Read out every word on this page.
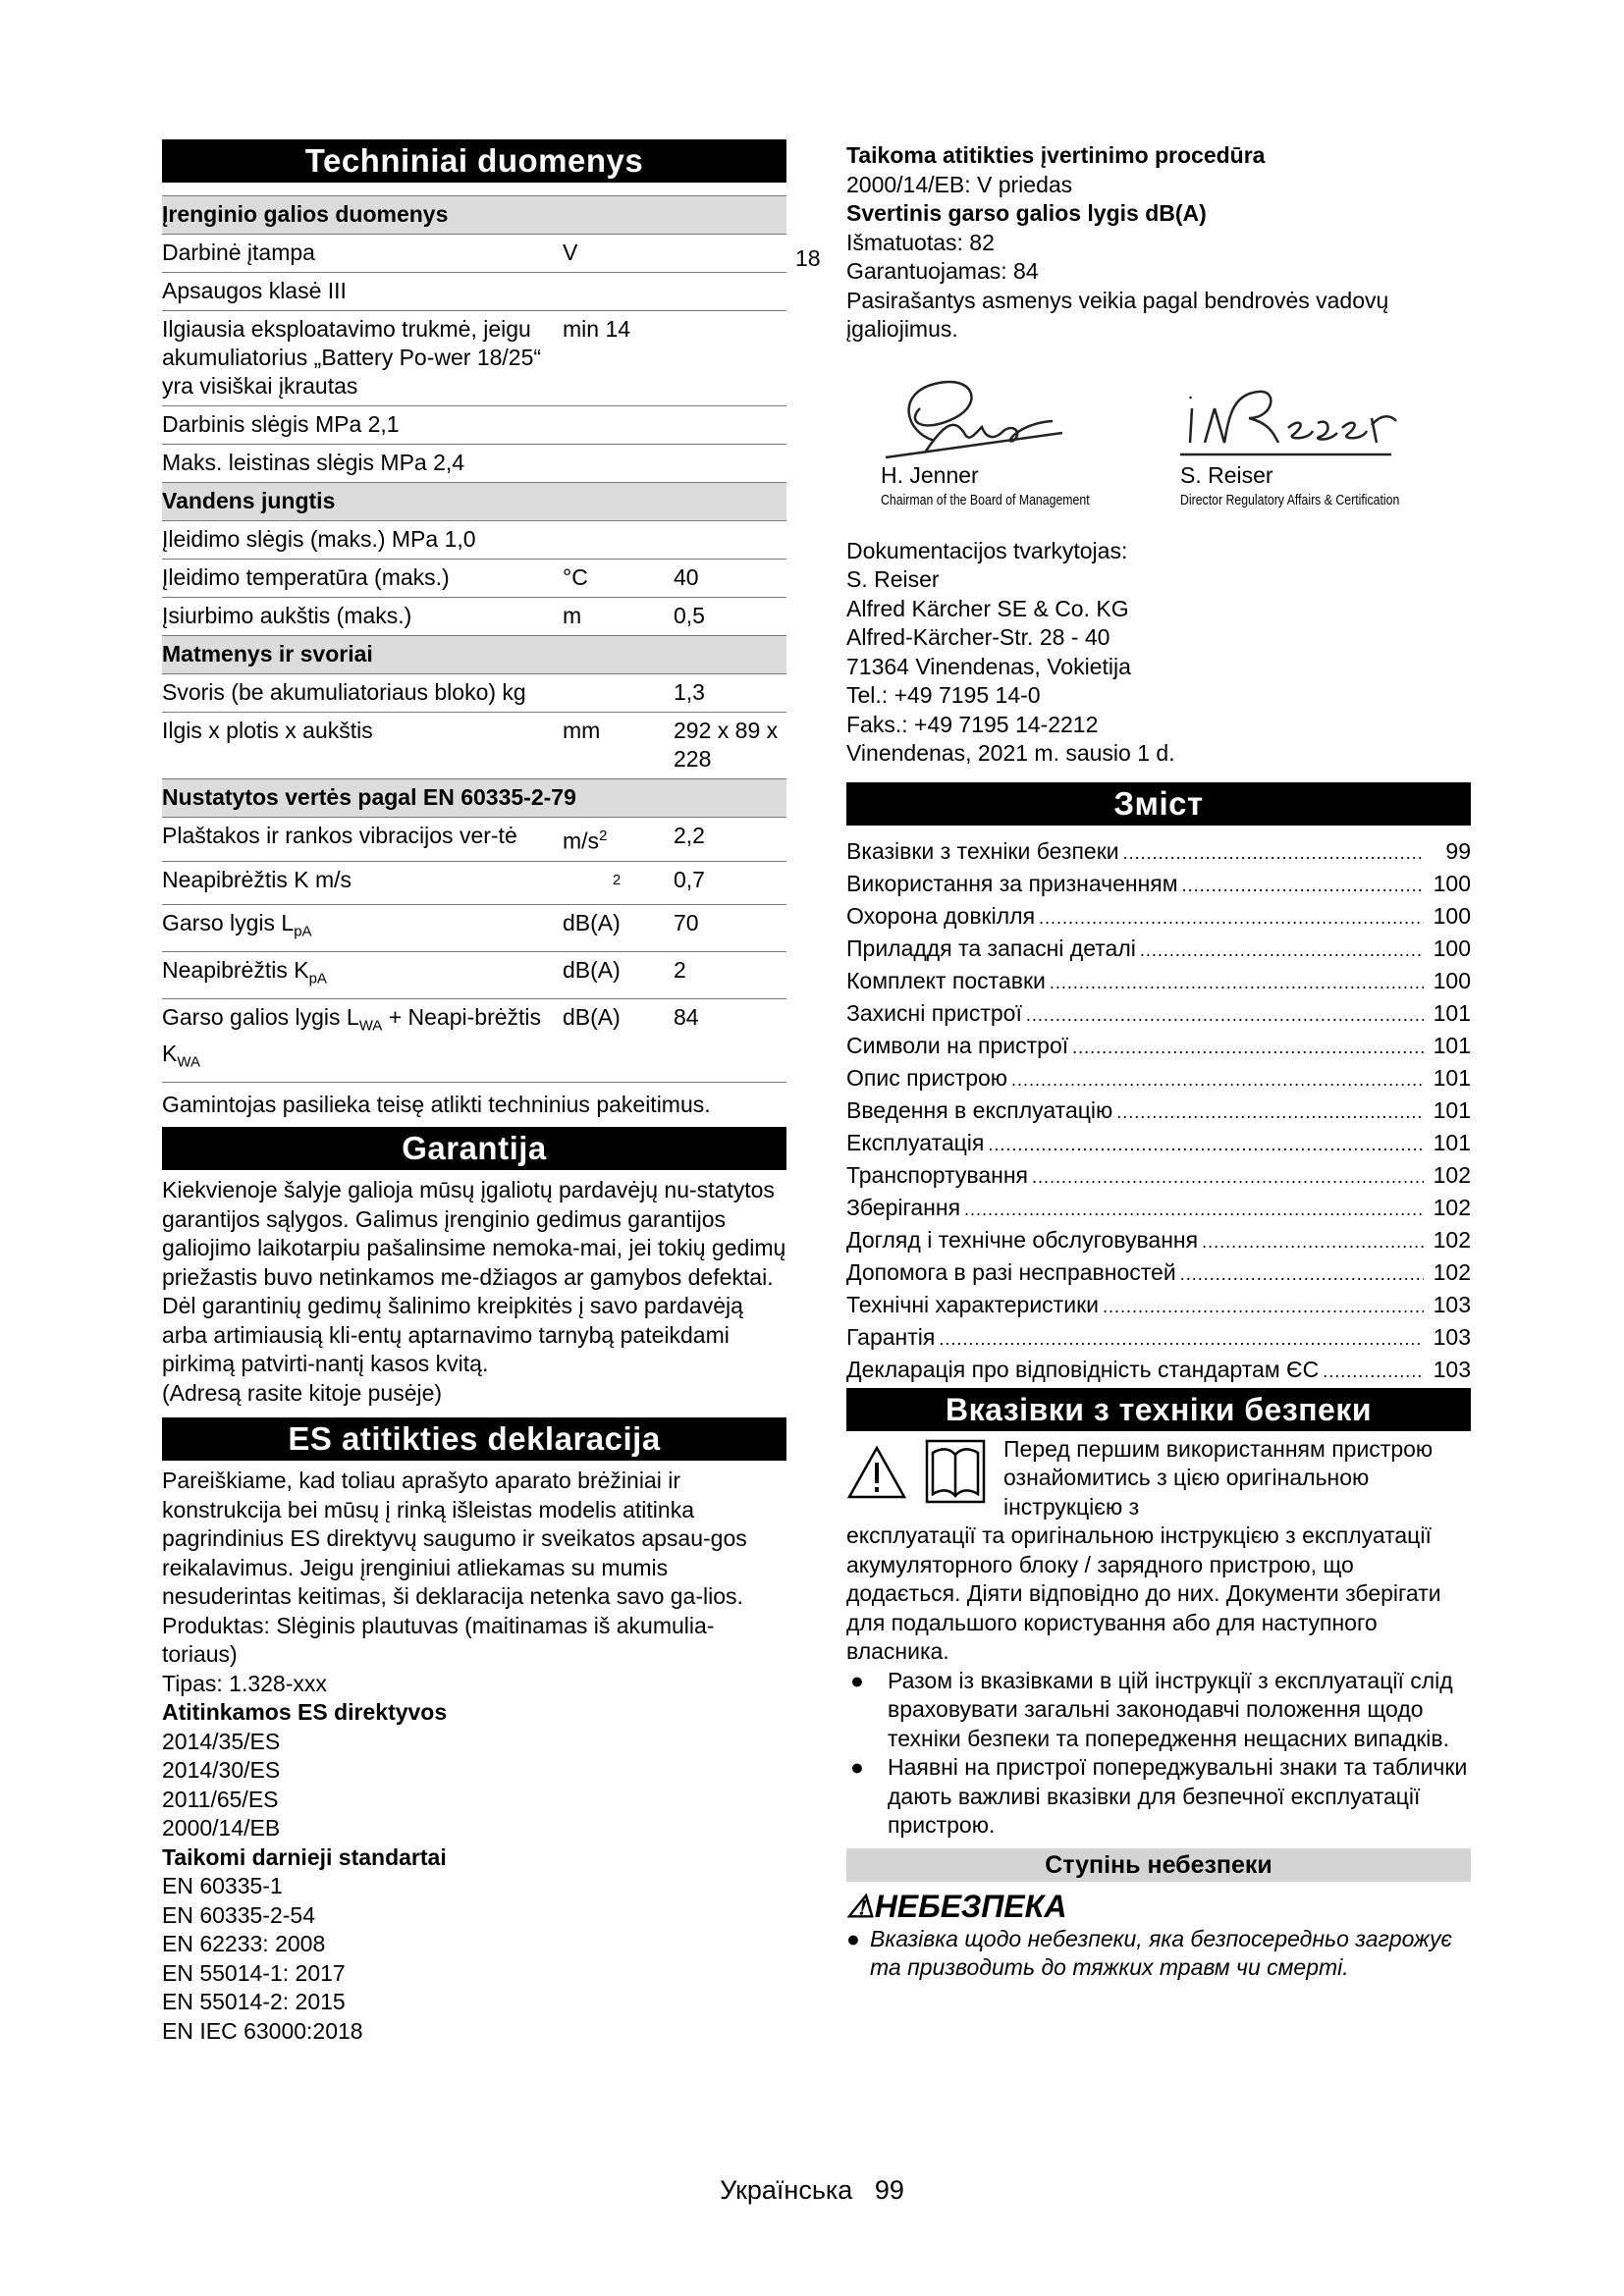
18
Techniniai duomenys
Įrenginio galios duomenys		
Darbinė įtampa	V	
Apsaugos klasė III		
Ilgiausia eksploatavimo trukmė, jeigu akumuliatorius „Battery Po-wer 18/25“ yra visiškai įkrautas	min 14	
Darbinis slėgis MPa 2,1		
Maks. leistinas slėgis MPa 2,4		
Vandens jungtis		
Įleidimo slėgis (maks.) MPa 1,0		
Įleidimo temperatūra (maks.)	°C	40
Įsiurbimo aukštis (maks.)	m	0,5
Matmenys ir svoriai		
Svoris (be akumuliatoriaus bloko) kg		1,3
Ilgis x plotis x aukštis	mm	292 x 89 x 228
Nustatytos vertės pagal EN 60335-2-79		
Plaštakos ir rankos vibracijos ver-tė	$m/s^2$	2,2
Neapibrėžtis K m/s	$^2$	0,7
Garso lygis $L_{pA}$	dB(A)	70
Neapibrėžtis $K_{pA}$	dB(A)	2
Garso galios lygis $L_{WA}$ + Neapi-brėžtis $K_{WA}$	dB(A)	84

Gamintojas pasilieka teisę atlikti techninius pakeitimus.

Garantija

Kiekvienoje šalyje galioja mūsų įgaliotų pardavėjų nu-statytos garantijos sąlygos. Galimus įrenginio gedimus garantijos galiojimo laikotarpiu pašalinsime nemoka-mai, jei tokių gedimų priežastis buvo netinkamos me-džiagos ar gamybos defektai. Dėl garantinių gedimų šalinimo kreipkitės į savo pardavėją arba artimiausią kli-entų aptarnavimo tarnybą pateikdami pirkimą patvirti-nantį kasos kvitą.

(Adresą rasite kitoje pusėje)

ES atitikties deklaracija

Pareiškiame, kad toliau aprašyto aparato brėžiniai ir konstrukcija bei mūsų į rinką išleistas modelis atitinka pagrindinius ES direktyvų saugumo ir sveikatos apsau-gos reikalavimus. Jeigu įrenginiui atliekamas su mumis nesuderintas keitimas, ši deklaracija netenka savo ga-lios.

Produktas: Slėginis plautuvas (maitinamas iš akumulia-toriaus)

Tipas: 1.328-xxx

Atitinkamos ES direktyvos

2014/35/ES

2014/30/ES

2011/65/ES

2000/14/EB

Taikomi darnieji standartai

EN 60335-1

EN 60335-2-54

EN 62233: 2008

EN 55014-1: 2017

EN 55014-2: 2015

EN IEC 63000:2018

Taikoma atitikties įvertinimo procedūra

2000/14/EB: V priedas

Svertinis garso galios lygis dB(A)

Išmatuotas: 82

Garantuojamas: 84

Pasirašantys asmenys veikia pagal bendrovės vadovų įgaliojimus.

H. Jenner
Chairman of the Board of Management
S. Reiser
Director Regulatory Affairs & Certification

Dokumentacijos tvarkytojas:

S. Reiser

Alfred Kärcher SE & Co. KG

Alfred-Kärcher-Str. 28 - 40

71364 Vinendenas, Vokietija

Tel.: +49 7195 14-0

Faks.: +49 7195 14-2212

Vinendenas, 2021 m. sausio 1 d.

Зміст
Вказівки з техніки безпеки .....	99
Використання за призначенням .....	100
Охорона довкілля .....	100
Приладдя та запасні деталі .....	100
Комплект поставки .....	100
Захисні пристрої .....	101
Символи на пристрої .....	101
Опис пристрою .....	101
Введення в експлуатацію .....	101
Експлуатація .....	101
Транспортування .....	102
Зберігання .....	102
Догляд і технічне обслуговування .....	102
Допомога в разі несправностей .....	102
Технічні характеристики .....	103
Гарантія .....	103
Декларація про відповідність стандартам ЄС .....	103
Вказівки з техніки безпеки

Перед першим використанням пристрою ознайомитись з цією оригінальною інструкцією з

експлуатації та оригінальною інструкцією з експлуатації акумуляторного блоку / зарядного пристрою, що додається. Діяти відповідно до них. Документи зберігати для подальшого користування або для наступного власника.

● Разом із вказівками в цій інструкції з експлуатації слід враховувати загальні законодавчі положення щодо техніки безпеки та попередження нещасних випадків.
● Наявні на пристрої попереджувальні знаки та таблички дають важливі вказівки для безпечної експлуатації пристрою.
Ступінь небезпеки
⚠НЕБЕЗПЕКА
● Вказівка щодо небезпеки, яка безпосередньо загрожує та призводить до тяжких травм чи смерті.
Українська 99
